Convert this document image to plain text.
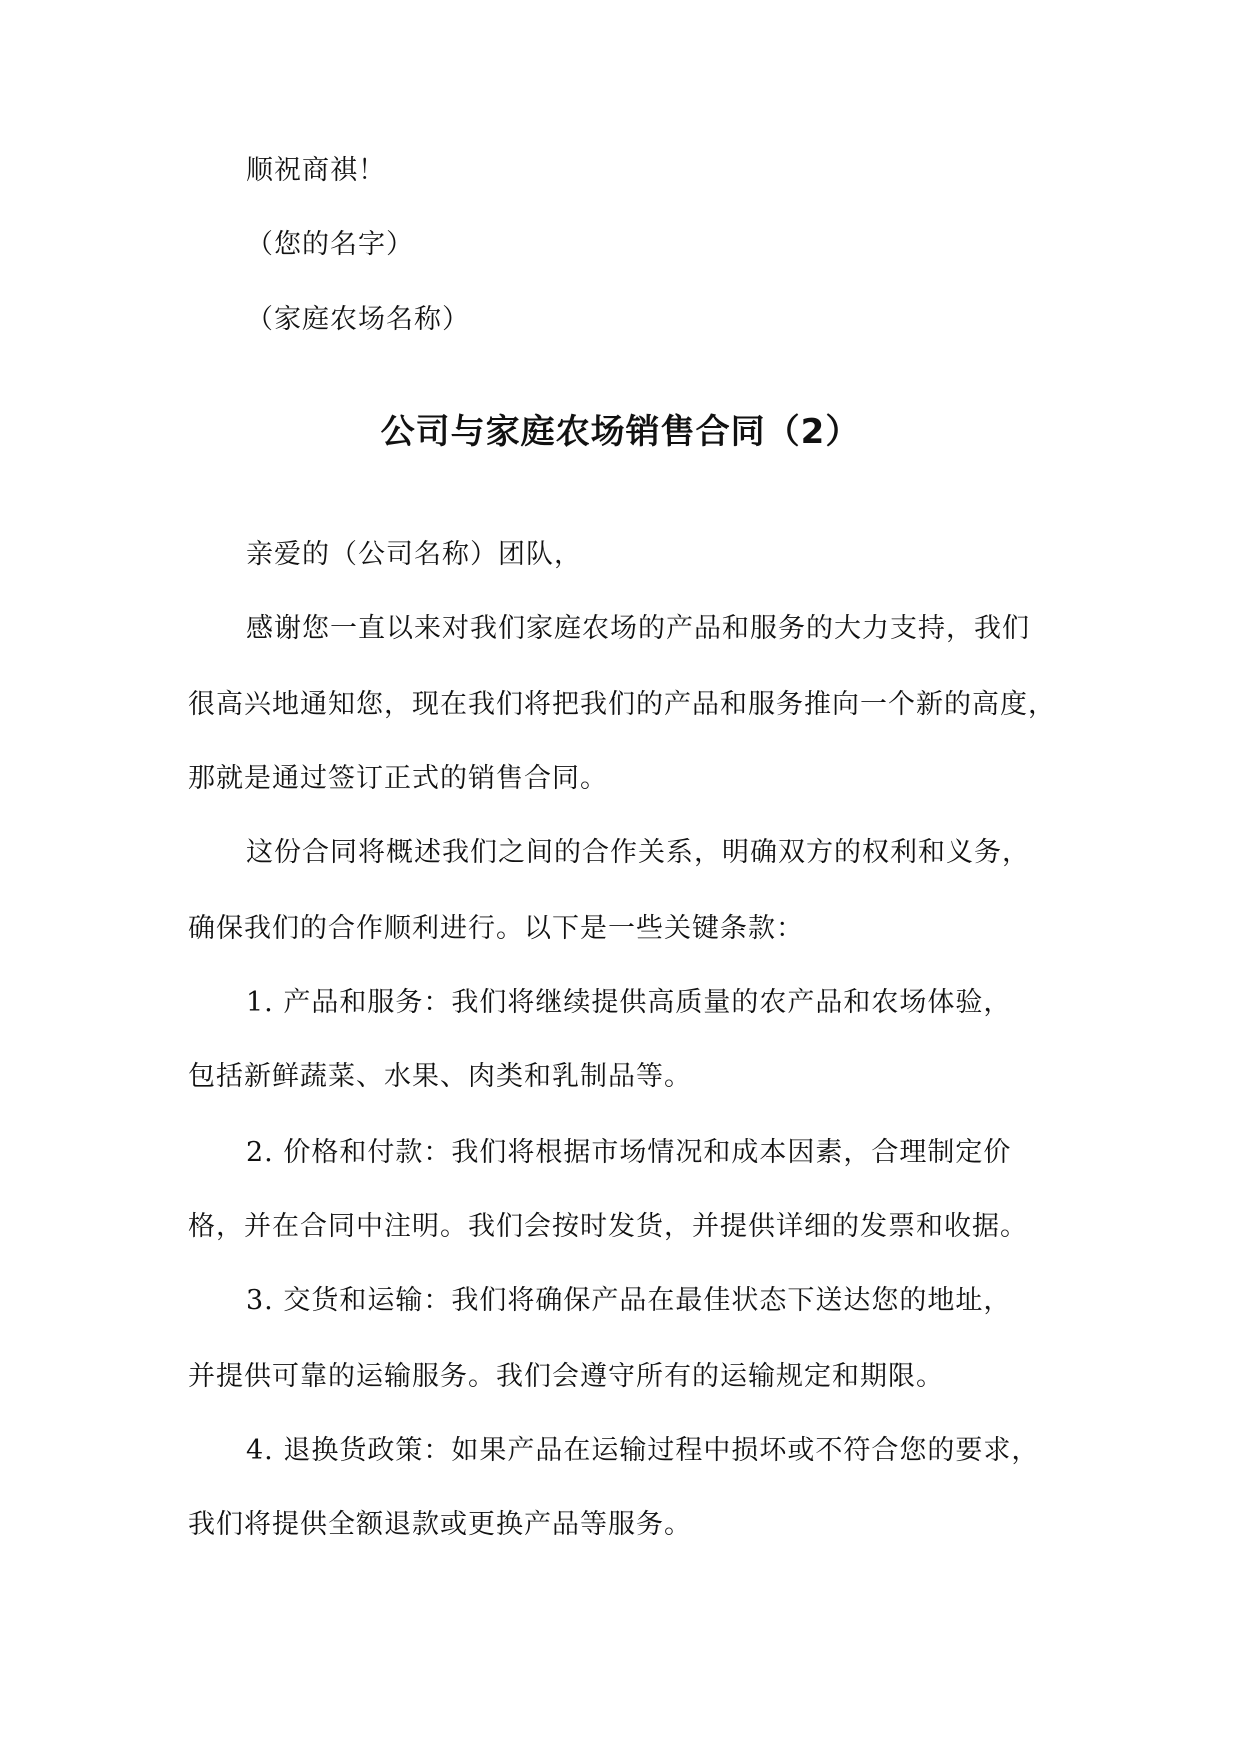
顺祝商祺！
（您的名字）
（家庭农场名称）
公司与家庭农场销售合同（2）
亲爱的（公司名称）团队，
感谢您一直以来对我们家庭农场的产品和服务的大力支持，我们
很高兴地通知您，现在我们将把我们的产品和服务推向一个新的高度，
那就是通过签订正式的销售合同。
这份合同将概述我们之间的合作关系，明确双方的权利和义务，
确保我们的合作顺利进行。以下是一些关键条款：
1. 产品和服务：我们将继续提供高质量的农产品和农场体验，
包括新鲜蔬菜、水果、肉类和乳制品等。
2. 价格和付款：我们将根据市场情况和成本因素，合理制定价
格，并在合同中注明。我们会按时发货，并提供详细的发票和收据。
3. 交货和运输：我们将确保产品在最佳状态下送达您的地址，
并提供可靠的运输服务。我们会遵守所有的运输规定和期限。
4. 退换货政策：如果产品在运输过程中损坏或不符合您的要求，
我们将提供全额退款或更换产品等服务。
